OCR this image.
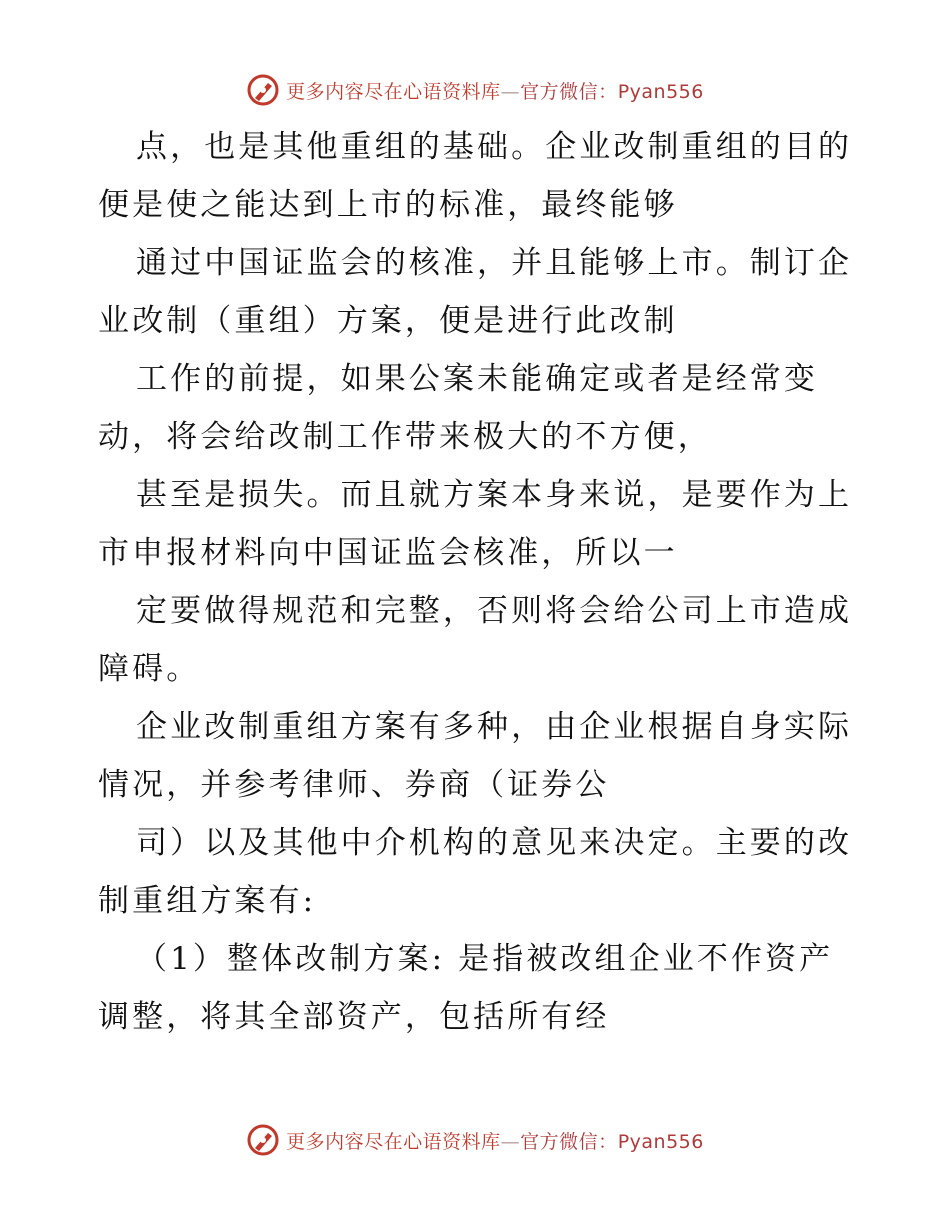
更多内容尽在心语资料库—官方微信：Pyan556
点，也是其他重组的基础。企业改制重组的目的
便是使之能达到上市的标准，最终能够
通过中国证监会的核准，并且能够上市。制订企
业改制（重组）方案，便是进行此改制
工作的前提，如果公案未能确定或者是经常变
动，将会给改制工作带来极大的不方便，
甚至是损失。而且就方案本身来说，是要作为上
市申报材料向中国证监会核准，所以一
定要做得规范和完整，否则将会给公司上市造成
障碍。
企业改制重组方案有多种，由企业根据自身实际
情况，并参考律师、券商（证券公
司）以及其他中介机构的意见来决定。主要的改
制重组方案有:
（1）整体改制方案: 是指被改组企业不作资产
调整，将其全部资产，包括所有经
更多内容尽在心语资料库—官方微信：Pyan556
